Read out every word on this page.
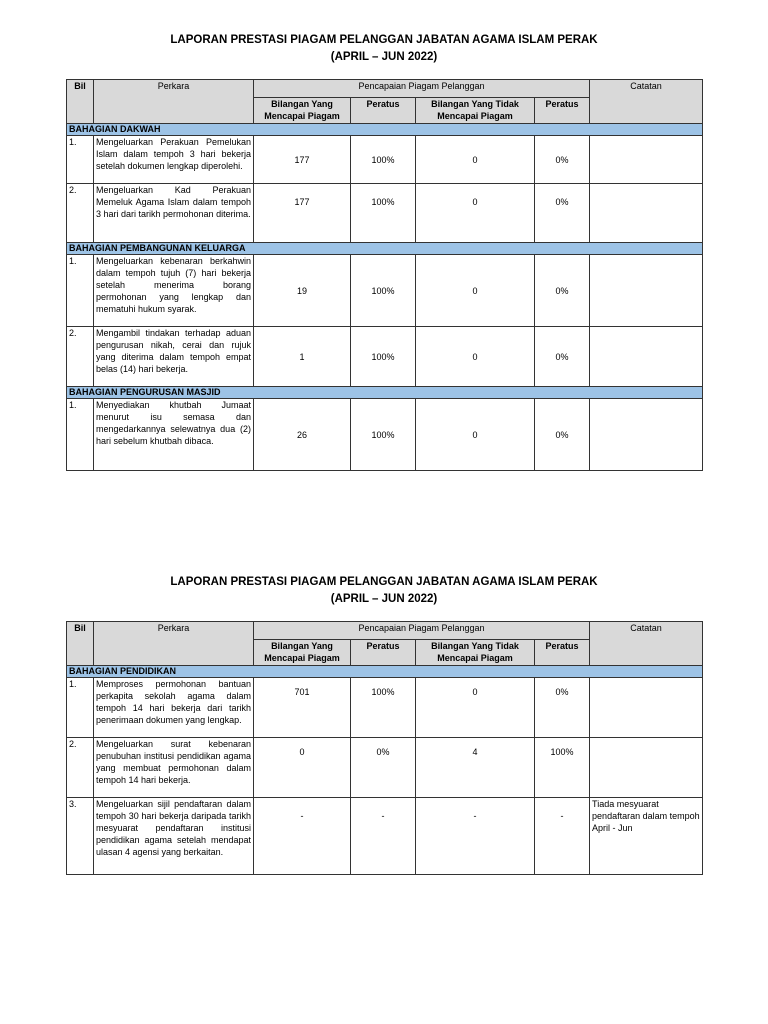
LAPORAN PRESTASI PIAGAM PELANGGAN JABATAN AGAMA ISLAM PERAK

(APRIL – JUN 2022)

Bil	Perkara	Pencapaian Piagam Pelanggan				Catatan
		Bilangan Yang Mencapai Piagam	Peratus	Bilangan Yang Tidak Mencapai Piagam	Peratus	
BAHAGIAN DAKWAH						
1.	Mengeluarkan Perakuan Pemelukan Islam dalam tempoh 3 hari bekerja setelah dokumen lengkap diperolehi.	177	100%	0	0%	
2.	Mengeluarkan Kad Perakuan Memeluk Agama Islam dalam tempoh 3 hari dari tarikh permohonan diterima.	177	100%	0	0%	
BAHAGIAN PEMBANGUNAN KELUARGA						
1.	Mengeluarkan kebenaran berkahwin dalam tempoh tujuh (7) hari bekerja setelah menerima borang permohonan yang lengkap dan mematuhi hukum syarak.	19	100%	0	0%	
2.	Mengambil tindakan terhadap aduan pengurusan nikah, cerai dan rujuk yang diterima dalam tempoh empat belas (14) hari bekerja.	1	100%	0	0%	
BAHAGIAN PENGURUSAN MASJID						
1.	Menyediakan khutbah Jumaat menurut isu semasa dan mengedarkannya selewatnya dua (2) hari sebelum khutbah dibaca.	26	100%	0	0%	

LAPORAN PRESTASI PIAGAM PELANGGAN JABATAN AGAMA ISLAM PERAK

(APRIL – JUN 2022)

Bil	Perkara	Pencapaian Piagam Pelanggan				Catatan
		Bilangan Yang Mencapai Piagam	Peratus	Bilangan Yang Tidak Mencapai Piagam	Peratus	
BAHAGIAN PENDIDIKAN						
1.	Memproses permohonan bantuan perkapita sekolah agama dalam tempoh 14 hari bekerja dari tarikh penerimaan dokumen yang lengkap.	701	100%	0	0%	
2.	Mengeluarkan surat kebenaran penubuhan institusi pendidikan agama yang membuat permohonan dalam tempoh 14 hari bekerja.	0	0%	4	100%	
3.	Mengeluarkan sijil pendaftaran dalam tempoh 30 hari bekerja daripada tarikh mesyuarat pendaftaran institusi pendidikan agama setelah mendapat ulasan 4 agensi yang berkaitan.	-	-	-	-	Tiada mesyuarat pendaftaran dalam tempoh April - Jun
